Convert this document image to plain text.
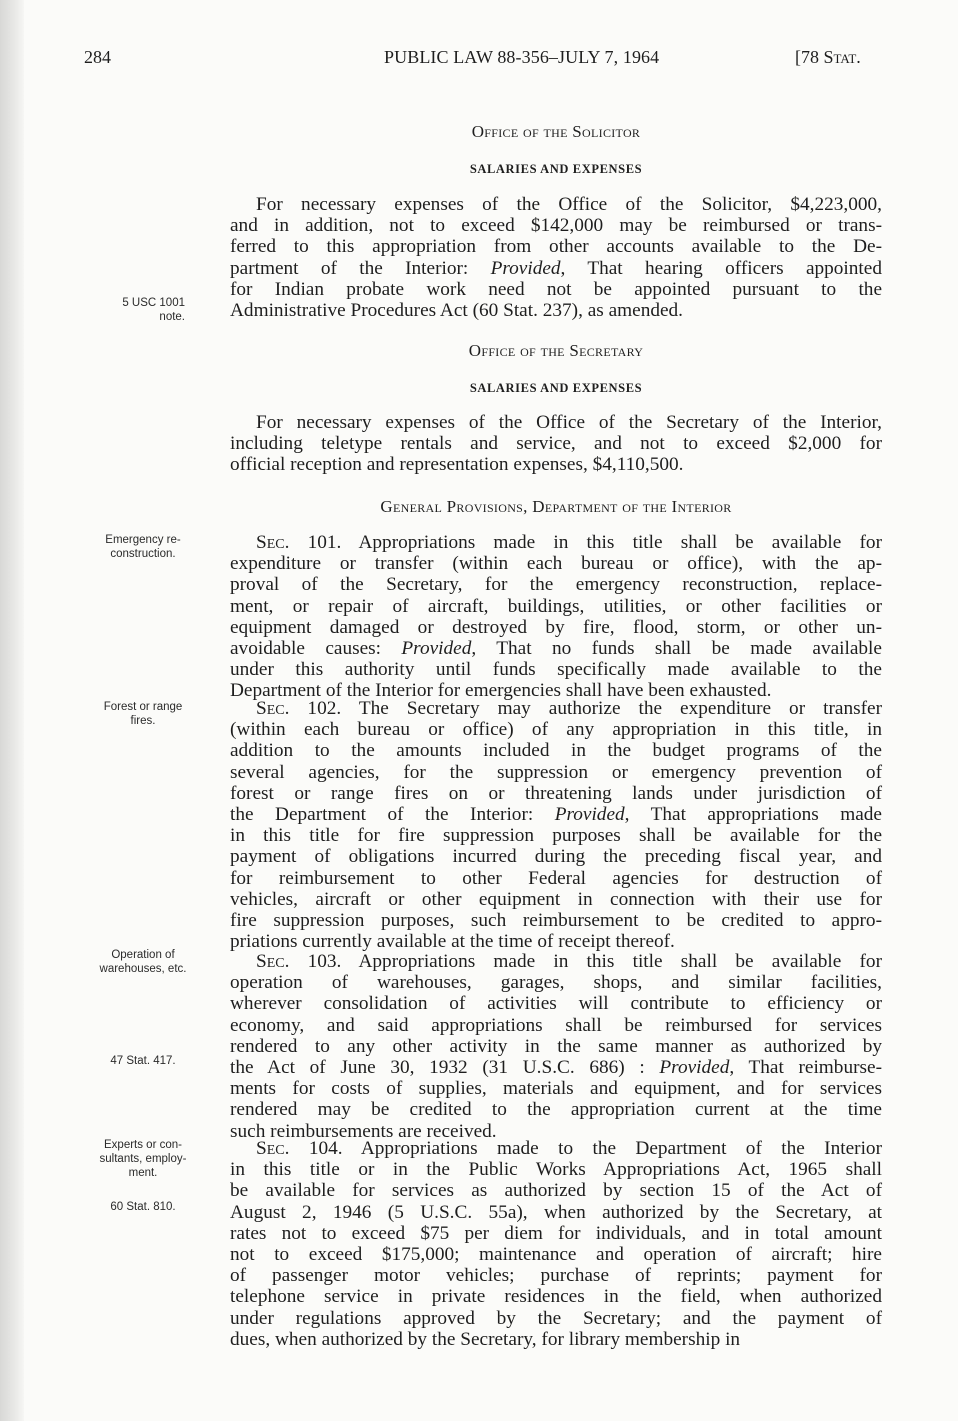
284	PUBLIC LAW 88-356–JULY 7, 1964	[78 Stat.
Office of the Solicitor
SALARIES AND EXPENSES
For necessary expenses of the Office of the Solicitor, $4,223,000,
and in addition, not to exceed $142,000 may be reimbursed or trans-
ferred to this appropriation from other accounts available to the De-
partment of the Interior: Provided, That hearing officers appointed
for Indian probate work need not be appointed pursuant to the
Administrative Procedures Act (60 Stat. 237), as amended.
5 USC 1001
note.
Office of the Secretary
SALARIES AND EXPENSES
For necessary expenses of the Office of the Secretary of the Interior,
including teletype rentals and service, and not to exceed $2,000 for
official reception and representation expenses, $4,110,500.
General Provisions, Department of the Interior
Emergency re-
construction.
Sec. 101. Appropriations made in this title shall be available for
expenditure or transfer (within each bureau or office), with the ap-
proval of the Secretary, for the emergency reconstruction, replace-
ment, or repair of aircraft, buildings, utilities, or other facilities or
equipment damaged or destroyed by fire, flood, storm, or other un-
avoidable causes: Provided, That no funds shall be made available
under this authority until funds specifically made available to the
Department of the Interior for emergencies shall have been exhausted.
Forest or range
fires.
Sec. 102. The Secretary may authorize the expenditure or transfer
(within each bureau or office) of any appropriation in this title, in
addition to the amounts included in the budget programs of the
several agencies, for the suppression or emergency prevention of
forest or range fires on or threatening lands under jurisdiction of
the Department of the Interior: Provided, That appropriations made
in this title for fire suppression purposes shall be available for the
payment of obligations incurred during the preceding fiscal year, and
for reimbursement to other Federal agencies for destruction of
vehicles, aircraft or other equipment in connection with their use for
fire suppression purposes, such reimbursement to be credited to appro-
priations currently available at the time of receipt thereof.
Operation of
warehouses, etc.	Sec. 103. Appropriations made in this title shall be available for
operation of warehouses, garages, shops, and similar facilities,
wherever consolidation of activities will contribute to efficiency or
economy, and said appropriations shall be reimbursed for services
rendered to any other activity in the same manner as authorized by
the Act of June 30, 1932 (31 U.S.C. 686) : Provided, That reimburse-
ments for costs of supplies, materials and equipment, and for services
rendered may be credited to the appropriation current at the time
such reimbursements are received.
47 Stat. 417.
Experts or con-
sultants, employ-
ment.
Sec. 104. Appropriations made to the Department of the Interior
in this title or in the Public Works Appropriations Act, 1965 shall
be available for services as authorized by section 15 of the Act of
August 2, 1946 (5 U.S.C. 55a), when authorized by the Secretary, at
rates not to exceed $75 per diem for individuals, and in total amount
not to exceed $175,000; maintenance and operation of aircraft; hire
of passenger motor vehicles; purchase of reprints; payment for
telephone service in private residences in the field, when authorized
under regulations approved by the Secretary; and the payment of
dues, when authorized by the Secretary, for library membership in
60 Stat. 810.
